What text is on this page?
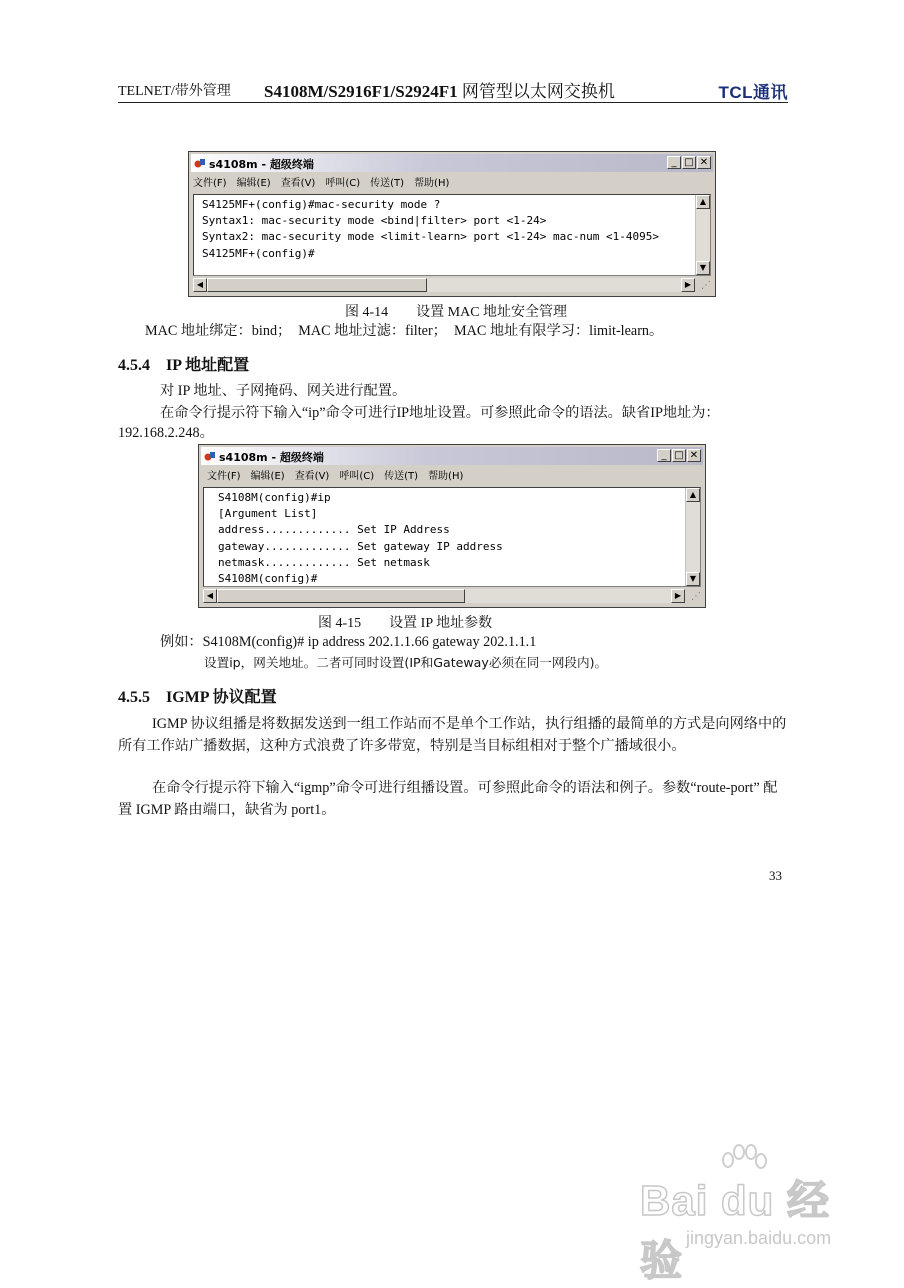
TELNET/带外管理 S4108M/S2916F1/S2924F1 网管型以太网交换机	TCL通讯
s4108m - 超级终端	_ □ ✕
文件(F) 编辑(E) 查看(V) 呼叫(C) 传送(T) 帮助(H)
S4125MF+(config)#mac-security mode ?
Syntax1: mac-security mode <bind|filter> port <1-24>
Syntax2: mac-security mode <limit-learn> port <1-24> mac-num <1-4095>
S4125MF+(config)#
▲
▼
◀	▶ ⋰
图 4-14　　设置 MAC 地址安全管理
MAC 地址绑定：bind；　MAC 地址过滤：filter；　MAC 地址有限学习：limit-learn。
4.5.4　IP 地址配置
对 IP 地址、子网掩码、网关进行配置。
在命令行提示符下输入“ip”命令可进行IP地址设置。可参照此命令的语法。缺省IP地址为：192.168.2.248。
s4108m - 超级终端	_ □ ✕
文件(F) 编辑(E) 查看(V) 呼叫(C) 传送(T) 帮助(H)
S4108M(config)#ip
[Argument List]
address............. Set IP Address
gateway............. Set gateway IP address
netmask............. Set netmask
S4108M(config)#
▲
▼
◀	▶ ⋰
图 4-15　　设置 IP 地址参数
例如：S4108M(config)# ip address 202.1.1.66 gateway 202.1.1.1
设置ip，网关地址。二者可同时设置(IP和Gateway必须在同一网段内)。
4.5.5　IGMP 协议配置
IGMP 协议组播是将数据发送到一组工作站而不是单个工作站，执行组播的最简单的方式是向网络中的所有工作站广播数据，这种方式浪费了许多带宽，特别是当目标组相对于整个广播域很小。
在命令行提示符下输入“igmp”命令可进行组播设置。可参照此命令的语法和例子。参数“route-port” 配置 IGMP 路由端口，缺省为 port1。
33
Bai du 经验 jingyan.baidu.com
